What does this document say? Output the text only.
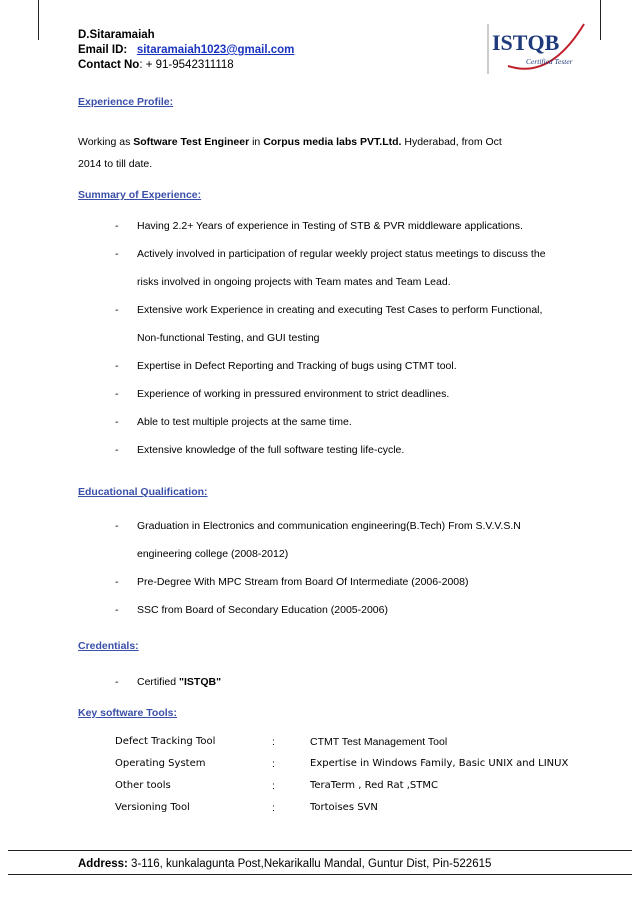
D.Sitaramaiah
Email ID: sitaramaiah1023@gmail.com
Contact No: + 91-9542311118
ISTQB
Certified Tester
Experience Profile:
Working as Software Test Engineer in Corpus media labs PVT.Ltd. Hyderabad, from Oct
2014 to till date.
Summary of Experience:
- Having 2.2+ Years of experience in Testing of STB & PVR middleware applications.
- Actively involved in participation of regular weekly project status meetings to discuss the
risks involved in ongoing projects with Team mates and Team Lead.
- Extensive work Experience in creating and executing Test Cases to perform Functional,
Non-functional Testing, and GUI testing
- Expertise in Defect Reporting and Tracking of bugs using CTMT tool.
- Experience of working in pressured environment to strict deadlines.
- Able to test multiple projects at the same time.
- Extensive knowledge of the full software testing life-cycle.
Educational Qualification:
- Graduation in Electronics and communication engineering(B.Tech) From S.V.V.S.N
engineering college (2008-2012)
- Pre-Degree With MPC Stream from Board Of Intermediate (2006-2008)
- SSC from Board of Secondary Education (2005-2006)
Credentials:
- Certified "ISTQB"
Key software Tools:
Defect Tracking Tool	:	CTMT Test Management Tool
Operating System	:	Expertise in Windows Family, Basic UNIX and LINUX
Other tools	:	TeraTerm , Red Rat ,STMC
Versioning Tool	:	Tortoises SVN
Address: 3-116, kunkalagunta Post,Nekarikallu Mandal, Guntur Dist, Pin-522615
